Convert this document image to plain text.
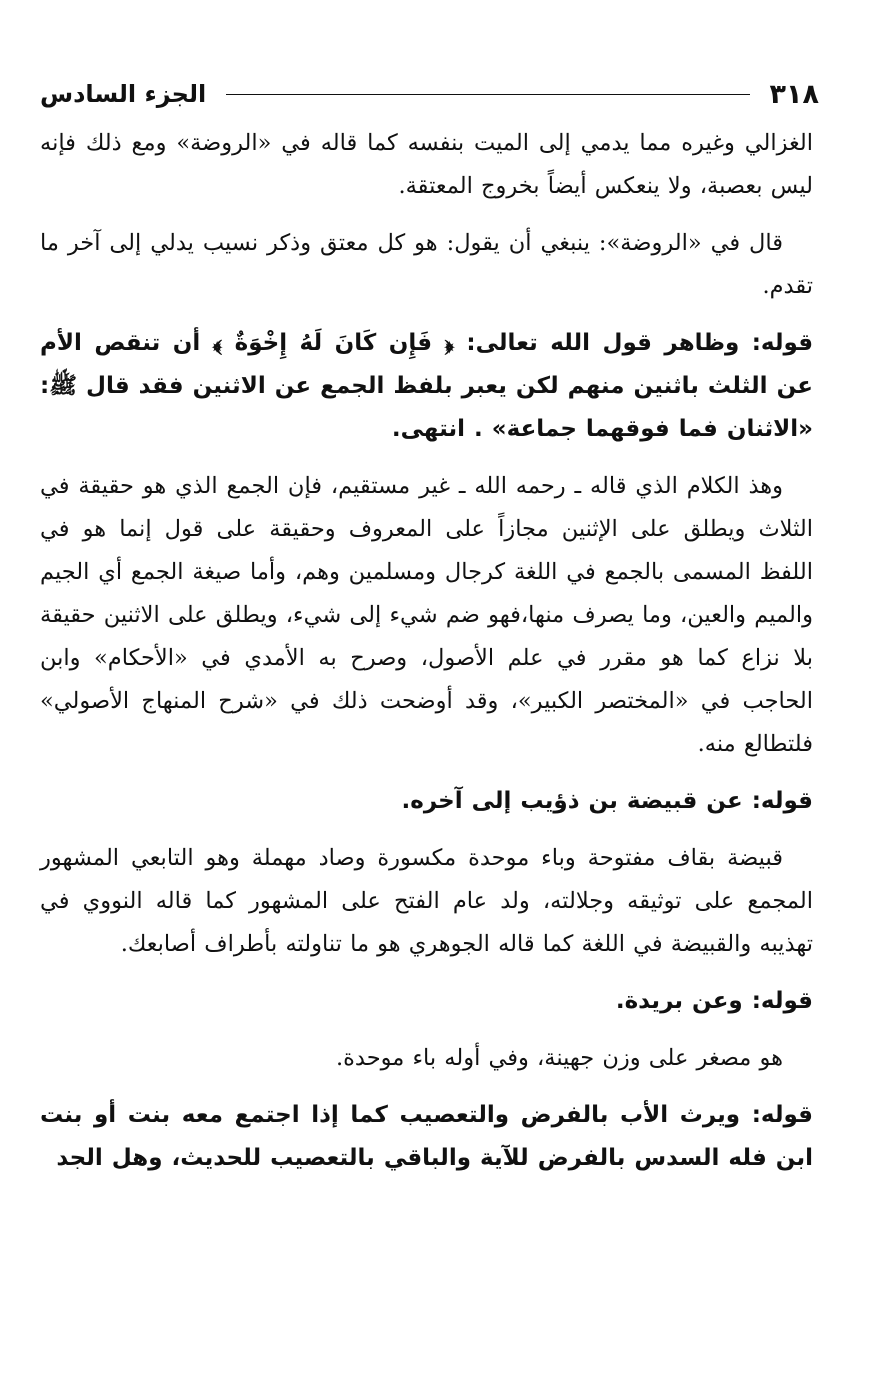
٣١٨
الجزء السادس

الغزالي وغيره مما يدمي إلى الميت بنفسه كما قاله في «الروضة» ومع ذلك فإنه ليس بعصبة، ولا ينعكس أيضاً بخروج المعتقة.

قال في «الروضة»: ينبغي أن يقول: هو كل معتق وذكر نسيب يدلي إلى آخر ما تقدم.

قوله: وظاهر قول الله تعالى: ﴿ فَإِن كَانَ لَهُ إِخْوَةٌ ﴾ أن تنقص الأم عن الثلث باثنين منهم لكن يعبر بلفظ الجمع عن الاثنين فقد قال ﷺ: «الاثنان فما فوقهما جماعة» . انتهى.

وهذ الكلام الذي قاله ـ رحمه الله ـ غير مستقيم، فإن الجمع الذي هو حقيقة في الثلاث ويطلق على الإثنين مجازاً على المعروف وحقيقة على قول إنما هو في اللفظ المسمى بالجمع في اللغة كرجال ومسلمين وهم، وأما صيغة الجمع أي الجيم والميم والعين، وما يصرف منها،فهو ضم شيء إلى شيء، ويطلق على الاثنين حقيقة بلا نزاع كما هو مقرر في علم الأصول، وصرح به الأمدي في «الأحكام» وابن الحاجب في «المختصر الكبير»، وقد أوضحت ذلك في «شرح المنهاج الأصولي» فلتطالع منه.

قوله: عن قبيضة بن ذؤيب إلى آخره.

قبيضة بقاف مفتوحة وباء موحدة مكسورة وصاد مهملة وهو التابعي المشهور المجمع على توثيقه وجلالته، ولد عام الفتح على المشهور كما قاله النووي في تهذيبه والقبيضة في اللغة كما قاله الجوهري هو ما تناولته بأطراف أصابعك.

قوله: وعن بريدة.

هو مصغر على وزن جهينة، وفي أوله باء موحدة.

قوله: ويرث الأب بالفرض والتعصيب كما إذا اجتمع معه بنت أو بنت ابن فله السدس بالفرض للآية والباقي بالتعصيب للحديث، وهل الجد
